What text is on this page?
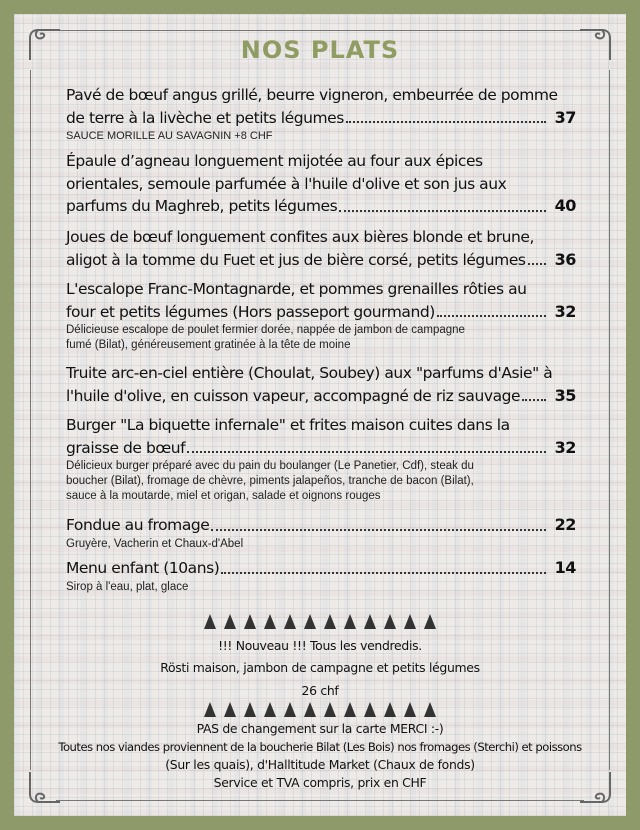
NOS PLATS
Pavé de bœuf angus grillé, beurre vigneron, embeurrée de pomme
de terre à la livèche et petits légumes	37
SAUCE MORILLE AU SAVAGNIN +8 CHF
Épaule d’agneau longuement mijotée au four aux épices
orientales, semoule parfumée à l'huile d'olive et son jus aux
parfums du Maghreb, petits légumes	40
Joues de bœuf longuement confites aux bières blonde et brune,
aligot à la tomme du Fuet et jus de bière corsé, petits légumes 36
L'escalope Franc-Montagnarde, et pommes grenailles rôties au
four et petits légumes (Hors passeport gourmand)	32
Délicieuse escalope de poulet fermier dorée, nappée de jambon de campagne
fumé (Bilat), généreusement gratinée à la tête de moine
Truite arc-en-ciel entière (Choulat, Soubey) aux "parfums d'Asie" à
l'huile d'olive, en cuisson vapeur, accompagné de riz sauvage 35
Burger "La biquette infernale" et frites maison cuites dans la
graisse de bœuf	32
Délicieux burger préparé avec du pain du boulanger (Le Panetier, Cdf), steak du
boucher (Bilat), fromage de chèvre, piments jalapeños, tranche de bacon (Bilat),
sauce à la moutarde, miel et origan, salade et oignons rouges
Fondue au fromage	22
Gruyère, Vacherin et Chaux-d'Abel
Menu enfant (10ans)	14
Sirop à l'eau, plat, glace
!!! Nouveau !!! Tous les vendredis.
Rösti maison, jambon de campagne et petits légumes
26 chf
PAS de changement sur la carte MERCI :-)
Toutes nos viandes proviennent de la boucherie Bilat (Les Bois) nos fromages (Sterchi) et poissons
(Sur les quais), d'Halltitude Market (Chaux de fonds)
Service et TVA compris, prix en CHF
